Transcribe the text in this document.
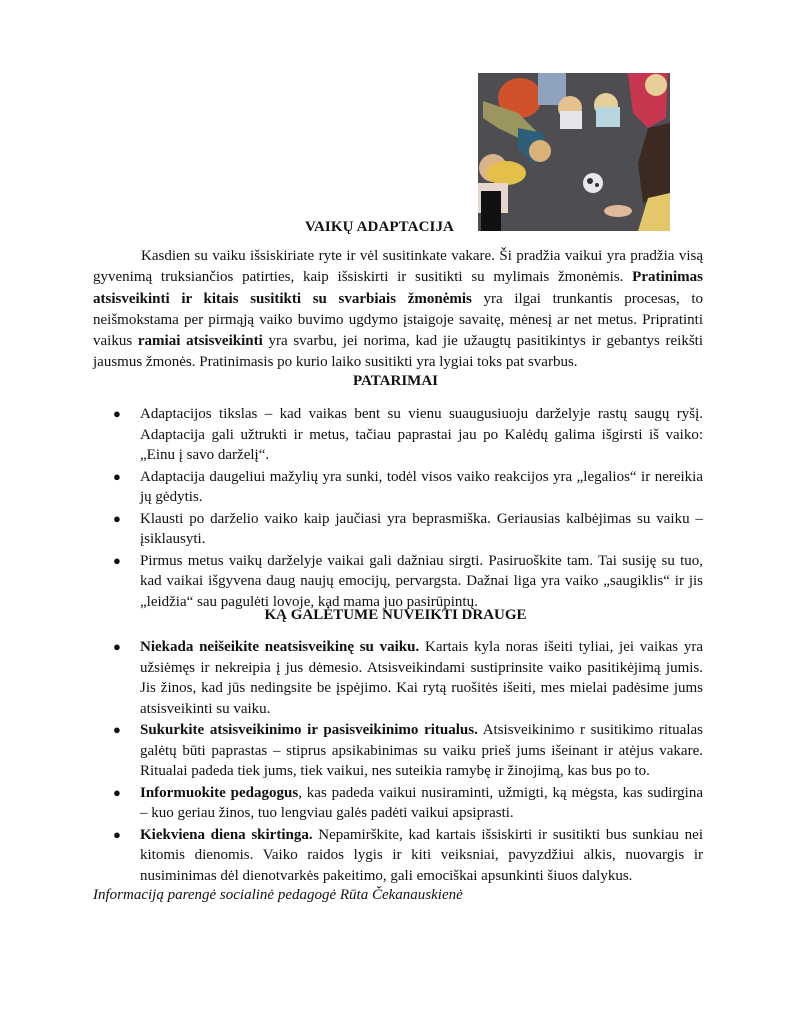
VAIKŲ ADAPTACIJA

Kasdien su vaiku išsiskiriate ryte ir vėl susitinkate vakare. Ši pradžia vaikui yra pradžia visą gyvenimą truksiančios patirties, kaip išsiskirti ir susitikti su mylimais žmonėmis. Pratinimas atsisveikinti ir kitais susitikti su svarbiais žmonėmis yra ilgai trunkantis procesas, to neišmokstama per pirmąją vaiko buvimo ugdymo įstaigoje savaitę, mėnesį ar net metus. Pripratinti vaikus ramiai atsisveikinti yra svarbu, jei norima, kad jie užaugtų pasitikintys ir gebantys reikšti jausmus žmonės. Pratinimasis po kurio laiko susitikti yra lygiai toks pat svarbus.

PATARIMAI
● Adaptacijos tikslas – kad vaikas bent su vienu suaugusiuoju darželyje rastų saugų ryšį. Adaptacija gali užtrukti ir metus, tačiau paprastai jau po Kalėdų galima išgirsti iš vaiko: „Einu į savo darželį“.
● Adaptacija daugeliui mažylių yra sunki, todėl visos vaiko reakcijos yra „legalios“ ir nereikia jų gėdytis.
● Klausti po darželio vaiko kaip jaučiasi yra beprasmiška. Geriausias kalbėjimas su vaiku – įsiklausyti.
● Pirmus metus vaikų darželyje vaikai gali dažniau sirgti. Pasiruoškite tam. Tai susiję su tuo, kad vaikai išgyvena daug naujų emocijų, pervargsta. Dažnai liga yra vaiko „saugiklis“ ir jis „leidžia“ sau pagulėti lovoje, kad mama juo pasirūpintų.
KĄ GALĖTUME NUVEIKTI DRAUGE
● Niekada neišeikite neatsisveikinę su vaiku. Kartais kyla noras išeiti tyliai, jei vaikas yra užsiėmęs ir nekreipia į jus dėmesio. Atsisveikindami sustiprinsite vaiko pasitikėjimą jumis. Jis žinos, kad jūs nedingsite be įspėjimo. Kai rytą ruošitės išeiti, mes mielai padėsime jums atsisveikinti su vaiku.
● Sukurkite atsisveikinimo ir pasisveikinimo ritualus. Atsisveikinimo r susitikimo ritualas galėtų būti paprastas – stiprus apsikabinimas su vaiku prieš jums išeinant ir atėjus vakare. Ritualai padeda tiek jums, tiek vaikui, nes suteikia ramybę ir žinojimą, kas bus po to.
● Informuokite pedagogus, kas padeda vaikui nusiraminti, užmigti, ką mėgsta, kas sudirgina – kuo geriau žinos, tuo lengviau galės padėti vaikui apsiprasti.
● Kiekviena diena skirtinga. Nepamirškite, kad kartais išsiskirti ir susitikti bus sunkiau nei kitomis dienomis. Vaiko raidos lygis ir kiti veiksniai, pavyzdžiui alkis, nuovargis ir nusiminimas dėl dienotvarkės pakeitimo, gali emociškai apsunkinti šiuos dalykus.
Informaciją parengė socialinė pedagogė Rūta Čekanauskienė
